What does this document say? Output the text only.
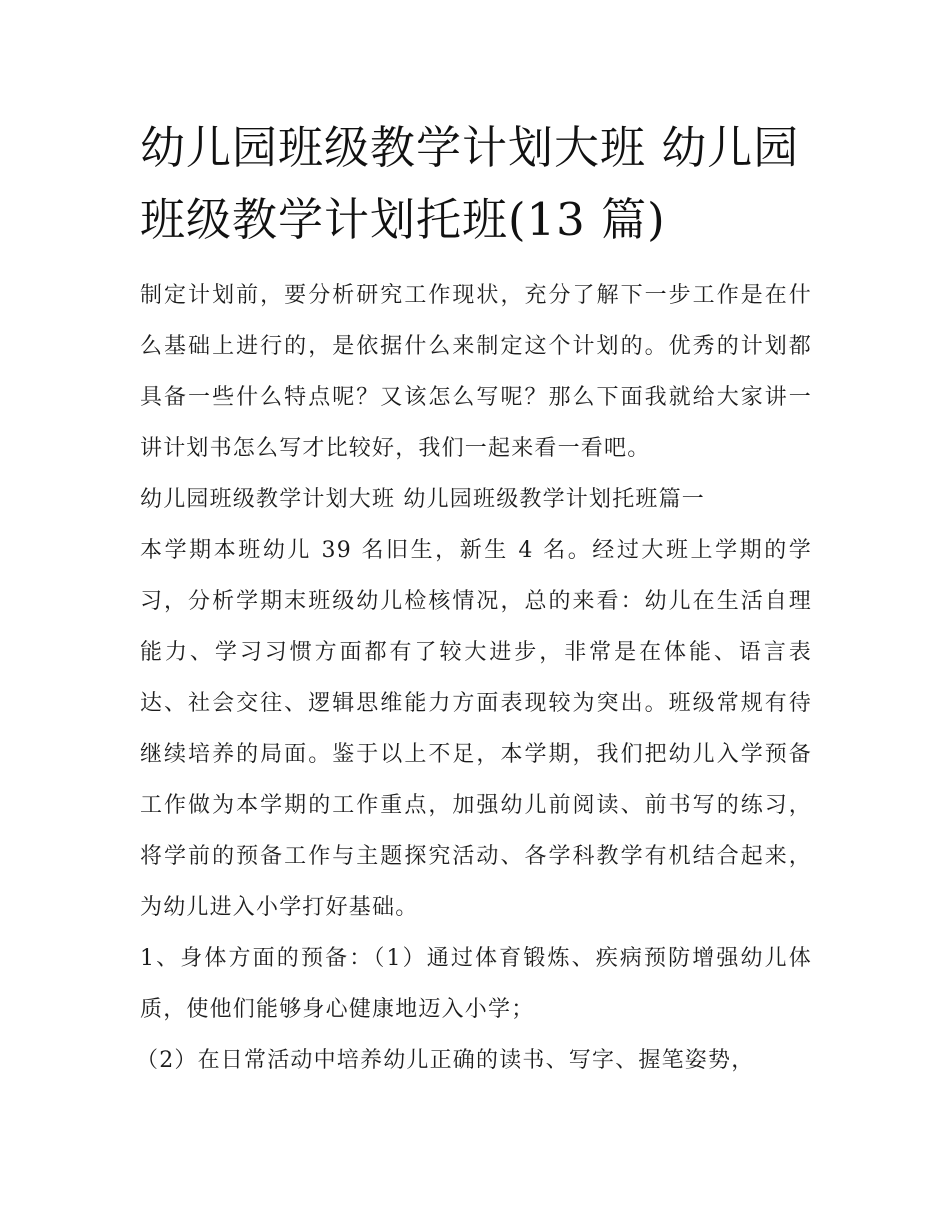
幼儿园班级教学计划大班 幼儿园班级教学计划托班(13 篇)

制定计划前，要分析研究工作现状，充分了解下一步工作是在什么基础上进行的，是依据什么来制定这个计划的。优秀的计划都具备一些什么特点呢？又该怎么写呢？那么下面我就给大家讲一讲计划书怎么写才比较好，我们一起来看一看吧。

幼儿园班级教学计划大班 幼儿园班级教学计划托班篇一

本学期本班幼儿 39 名旧生，新生 4 名。经过大班上学期的学习，分析学期末班级幼儿检核情况，总的来看：幼儿在生活自理能力、学习习惯方面都有了较大进步，非常是在体能、语言表达、社会交往、逻辑思维能力方面表现较为突出。班级常规有待继续培养的局面。鉴于以上不足，本学期，我们把幼儿入学预备工作做为本学期的工作重点，加强幼儿前阅读、前书写的练习，将学前的预备工作与主题探究活动、各学科教学有机结合起来，为幼儿进入小学打好基础。

1、身体方面的预备：（1）通过体育锻炼、疾病预防增强幼儿体质，使他们能够身心健康地迈入小学；

（2）在日常活动中培养幼儿正确的读书、写字、握笔姿势，
